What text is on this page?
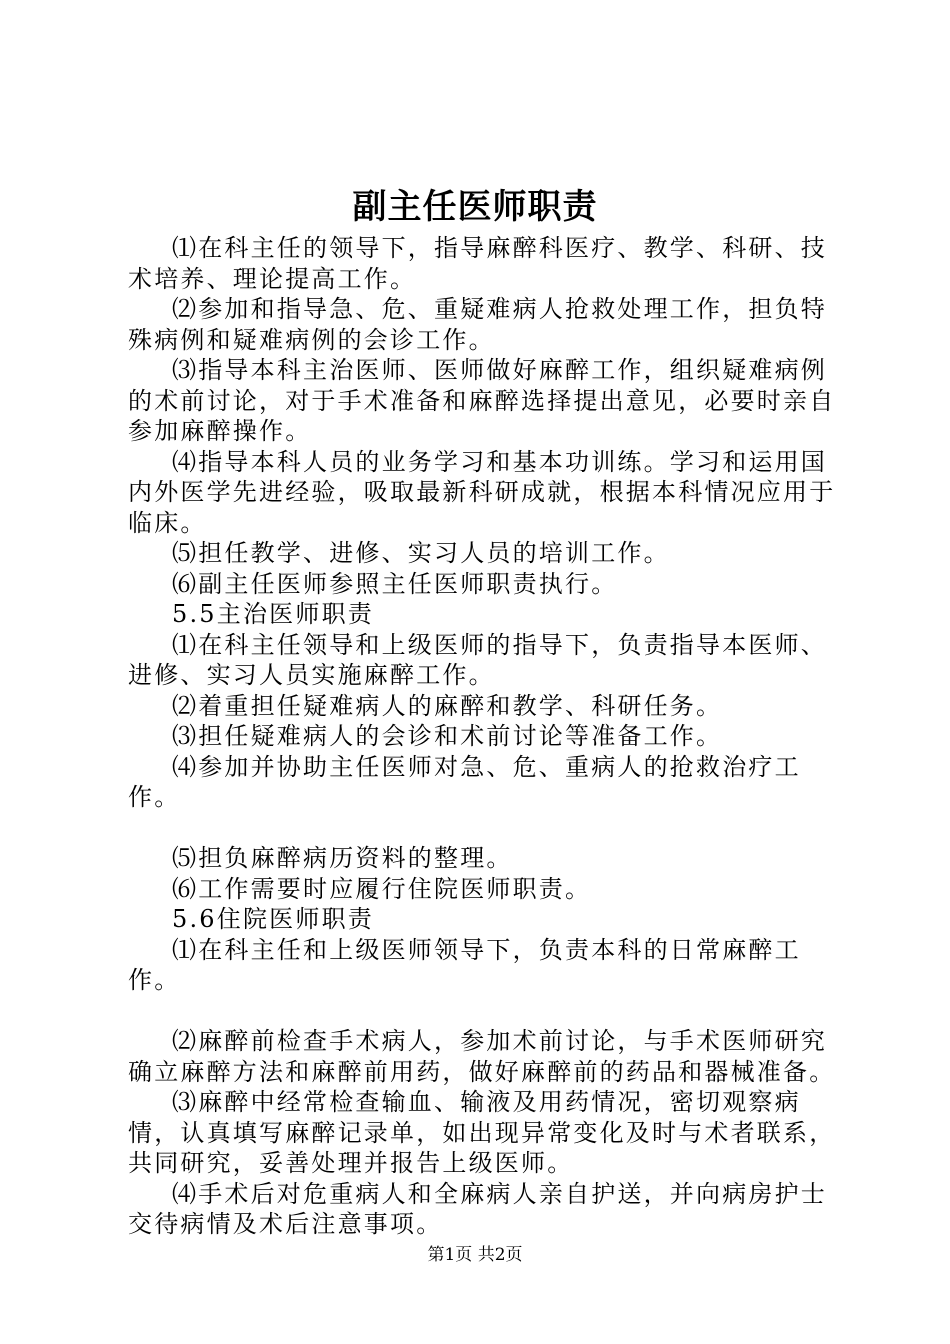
副主任医师职责

⑴在科主任的领导下，指导麻醉科医疗、教学、科研、技术培养、理论提高工作。

⑵参加和指导急、危、重疑难病人抢救处理工作，担负特殊病例和疑难病例的会诊工作。

⑶指导本科主治医师、医师做好麻醉工作，组织疑难病例的术前讨论，对于手术准备和麻醉选择提出意见，必要时亲自参加麻醉操作。

⑷指导本科人员的业务学习和基本功训练。学习和运用国内外医学先进经验，吸取最新科研成就，根据本科情况应用于临床。

⑸担任教学、进修、实习人员的培训工作。

⑹副主任医师参照主任医师职责执行。

5.5主治医师职责

⑴在科主任领导和上级医师的指导下，负责指导本医师、进修、实习人员实施麻醉工作。

⑵着重担任疑难病人的麻醉和教学、科研任务。

⑶担任疑难病人的会诊和术前讨论等准备工作。

⑷参加并协助主任医师对急、危、重病人的抢救治疗工作。

⑸担负麻醉病历资料的整理。

⑹工作需要时应履行住院医师职责。

5.6住院医师职责

⑴在科主任和上级医师领导下，负责本科的日常麻醉工作。

⑵麻醉前检查手术病人，参加术前讨论，与手术医师研究确立麻醉方法和麻醉前用药，做好麻醉前的药品和器械准备。

⑶麻醉中经常检查输血、输液及用药情况，密切观察病情，认真填写麻醉记录单，如出现异常变化及时与术者联系，共同研究，妥善处理并报告上级医师。

⑷手术后对危重病人和全麻病人亲自护送，并向病房护士交待病情及术后注意事项。

第1页 共2页
